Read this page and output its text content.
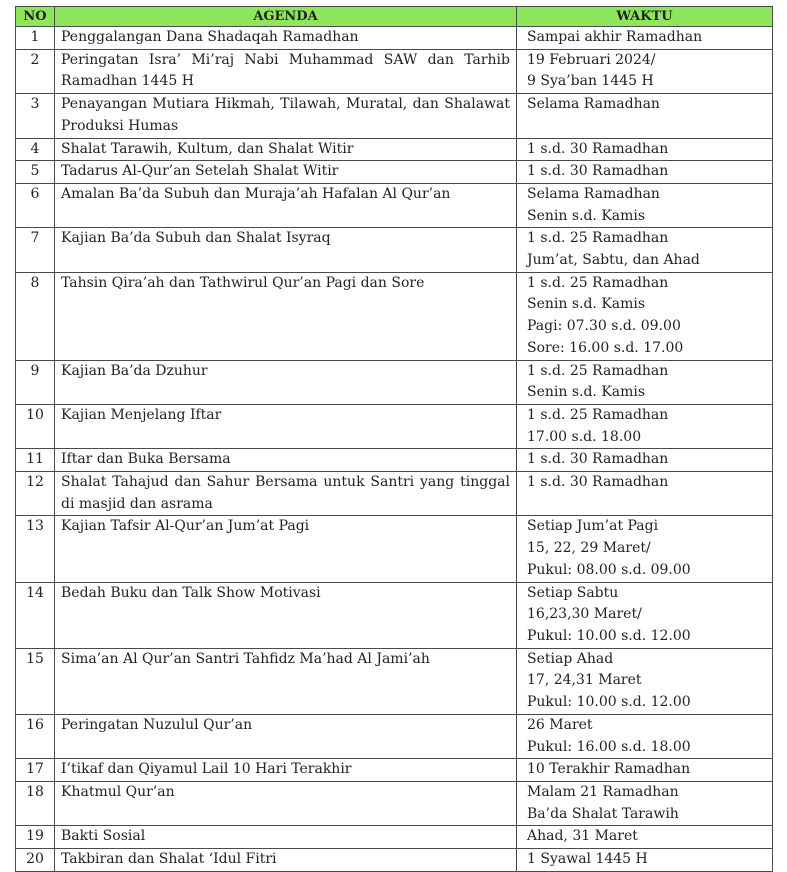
NO	AGENDA	WAKTU
1	Penggalangan Dana Shadaqah Ramadhan	Sampai akhir Ramadhan

2	Peringatan Isra’ Mi’raj Nabi Muhammad SAW dan Tarhib Ramadhan 1445 H	19 Februari 2024/
9 Sya’ban 1445 H

3	Penayangan Mutiara Hikmah, Tilawah, Muratal, dan Shalawat Produksi Humas	Selama Ramadhan

4	Shalat Tarawih, Kultum, dan Shalat Witir	1 s.d. 30 Ramadhan

5	Tadarus Al-Qur’an Setelah Shalat Witir	1 s.d. 30 Ramadhan

6	Amalan Ba’da Subuh dan Muraja’ah Hafalan Al Qur’an	Selama Ramadhan
Senin s.d. Kamis

7	Kajian Ba’da Subuh dan Shalat Isyraq	1 s.d. 25 Ramadhan
Jum’at, Sabtu, dan Ahad

8	Tahsin Qira’ah dan Tathwirul Qur’an Pagi dan Sore	1 s.d. 25 Ramadhan
Senin s.d. Kamis
Pagi: 07.30 s.d. 09.00
Sore: 16.00 s.d. 17.00

9	Kajian Ba’da Dzuhur	1 s.d. 25 Ramadhan
Senin s.d. Kamis

10	Kajian Menjelang Iftar	1 s.d. 25 Ramadhan
17.00 s.d. 18.00

11	Iftar dan Buka Bersama	1 s.d. 30 Ramadhan

12	Shalat Tahajud dan Sahur Bersama untuk Santri yang tinggal di masjid dan asrama	1 s.d. 30 Ramadhan

13	Kajian Tafsir Al-Qur’an Jum’at Pagi	Setiap Jum’at Pagi
15, 22, 29 Maret/
Pukul: 08.00 s.d. 09.00

14	Bedah Buku dan Talk Show Motivasi	Setiap Sabtu
16,23,30 Maret/
Pukul: 10.00 s.d. 12.00

15	Sima’an Al Qur’an Santri Tahfidz Ma’had Al Jami’ah	Setiap Ahad
17, 24,31 Maret
Pukul: 10.00 s.d. 12.00

16	Peringatan Nuzulul Qur’an	26 Maret
Pukul: 16.00 s.d. 18.00

17	I’tikaf dan Qiyamul Lail 10 Hari Terakhir	10 Terakhir Ramadhan

18	Khatmul Qur’an	Malam 21 Ramadhan
Ba’da Shalat Tarawih

19	Bakti Sosial	Ahad, 31 Maret

20	Takbiran dan Shalat ‘Idul Fitri	1 Syawal 1445 H
